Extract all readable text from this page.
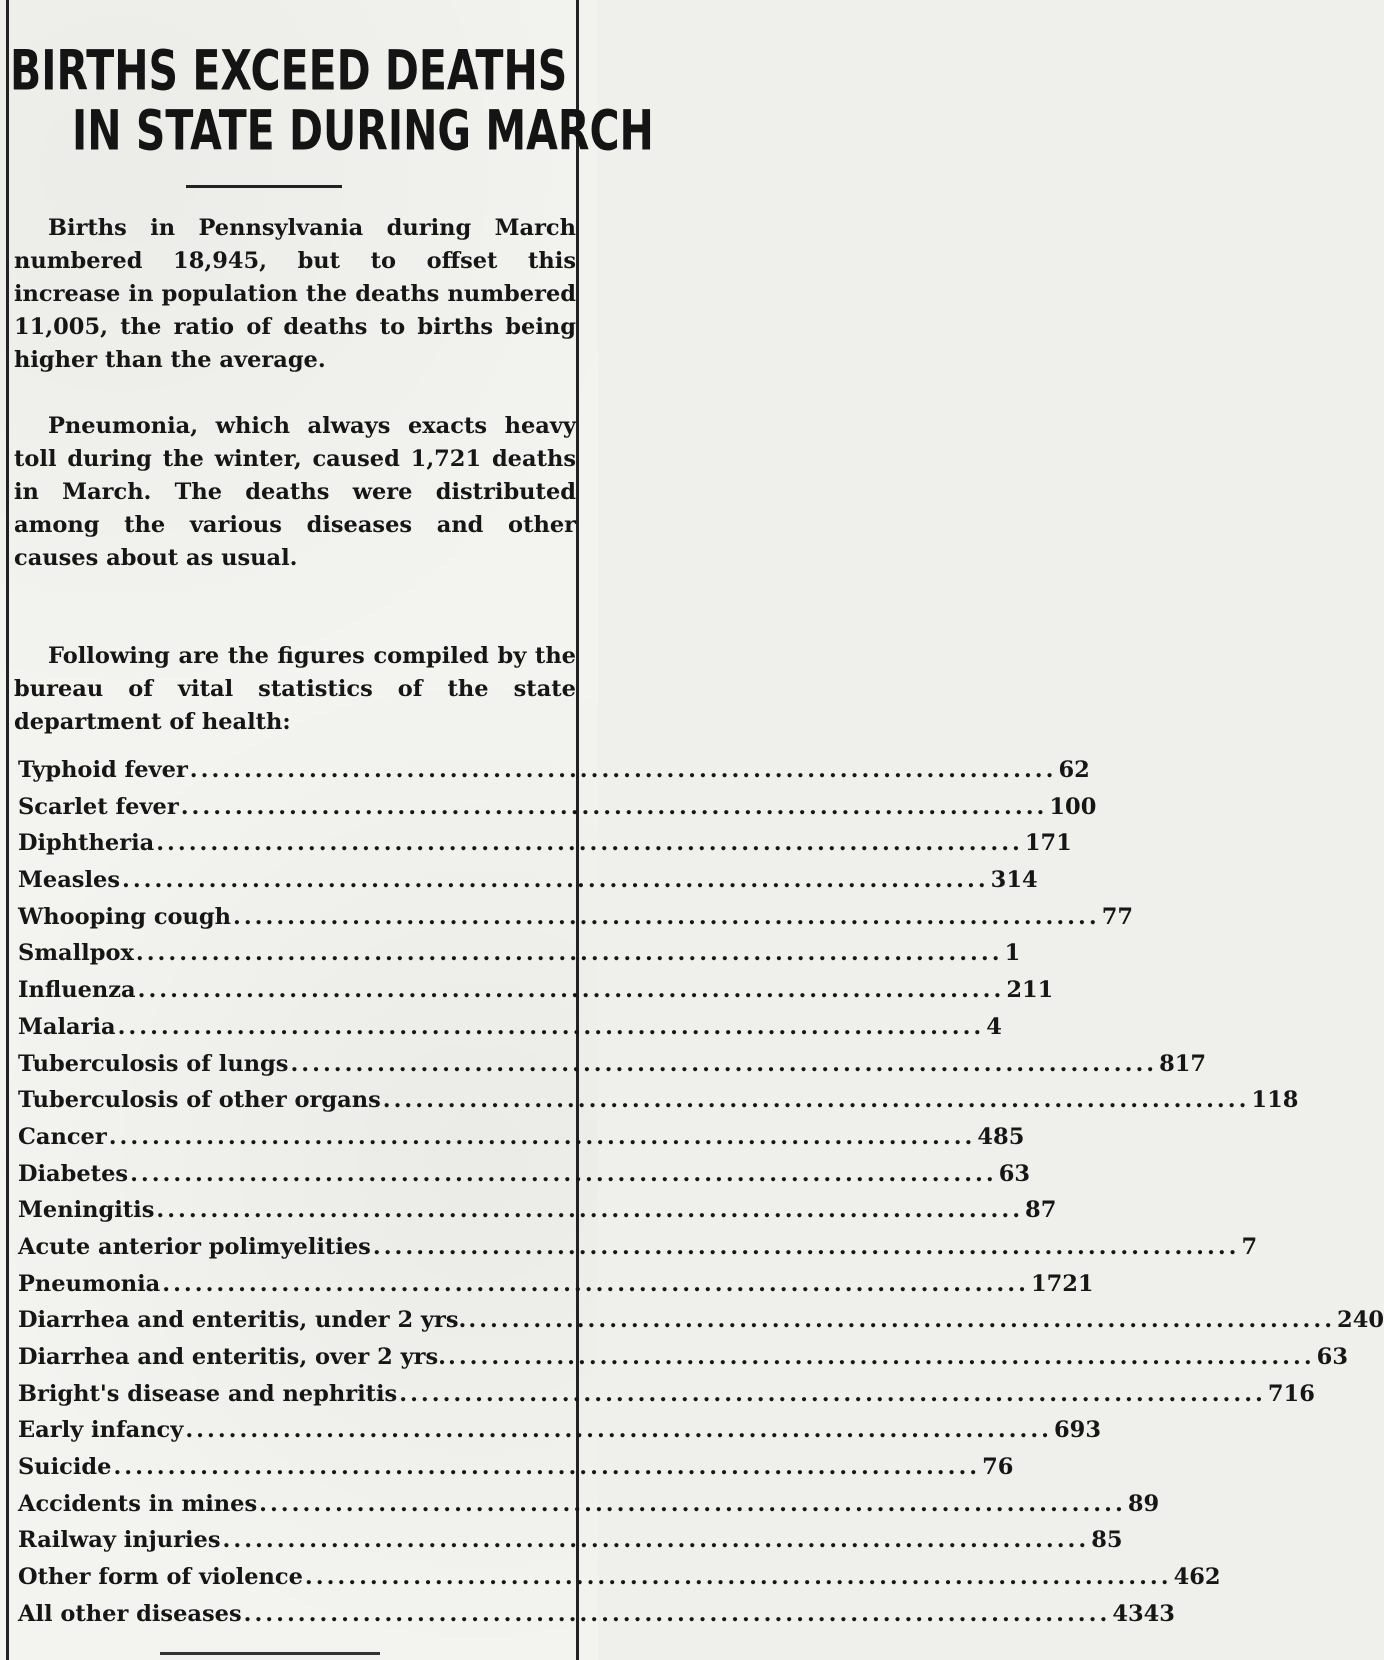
BIRTHS EXCEED DEATHS
IN STATE DURING MARCH

Births in Pennsylvania during March numbered 18,945, but to offset this increase in population the deaths numbered 11,005, the ratio of deaths to births being higher than the average.

Pneumonia, which always exacts heavy toll during the winter, caused 1,721 deaths in March. The deaths were distributed among the various diseases and other causes about as usual.

Following are the figures compiled by the bureau of vital statistics of the state department of health:

Typhoid fever ................................................................................ 62
Scarlet fever ................................................................................ 100
Diphtheria ................................................................................ 171
Measles ................................................................................ 314
Whooping cough ................................................................................ 77
Smallpox ................................................................................ 1
Influenza ................................................................................ 211
Malaria ................................................................................ 4
Tuberculosis of lungs ................................................................................ 817
Tuberculosis of other organs ................................................................................ 118
Cancer ................................................................................ 485
Diabetes ................................................................................ 63
Meningitis ................................................................................ 87
Acute anterior polimyelities ................................................................................ 7
Pneumonia ................................................................................ 1721
Diarrhea and enteritis, under 2 yrs. ................................................................................ 240
Diarrhea and enteritis, over 2 yrs. ................................................................................ 63
Bright's disease and nephritis ................................................................................ 716
Early infancy ................................................................................ 693
Suicide ................................................................................ 76
Accidents in mines ................................................................................ 89
Railway injuries ................................................................................ 85
Other form of violence ................................................................................ 462
All other diseases ................................................................................ 4343
